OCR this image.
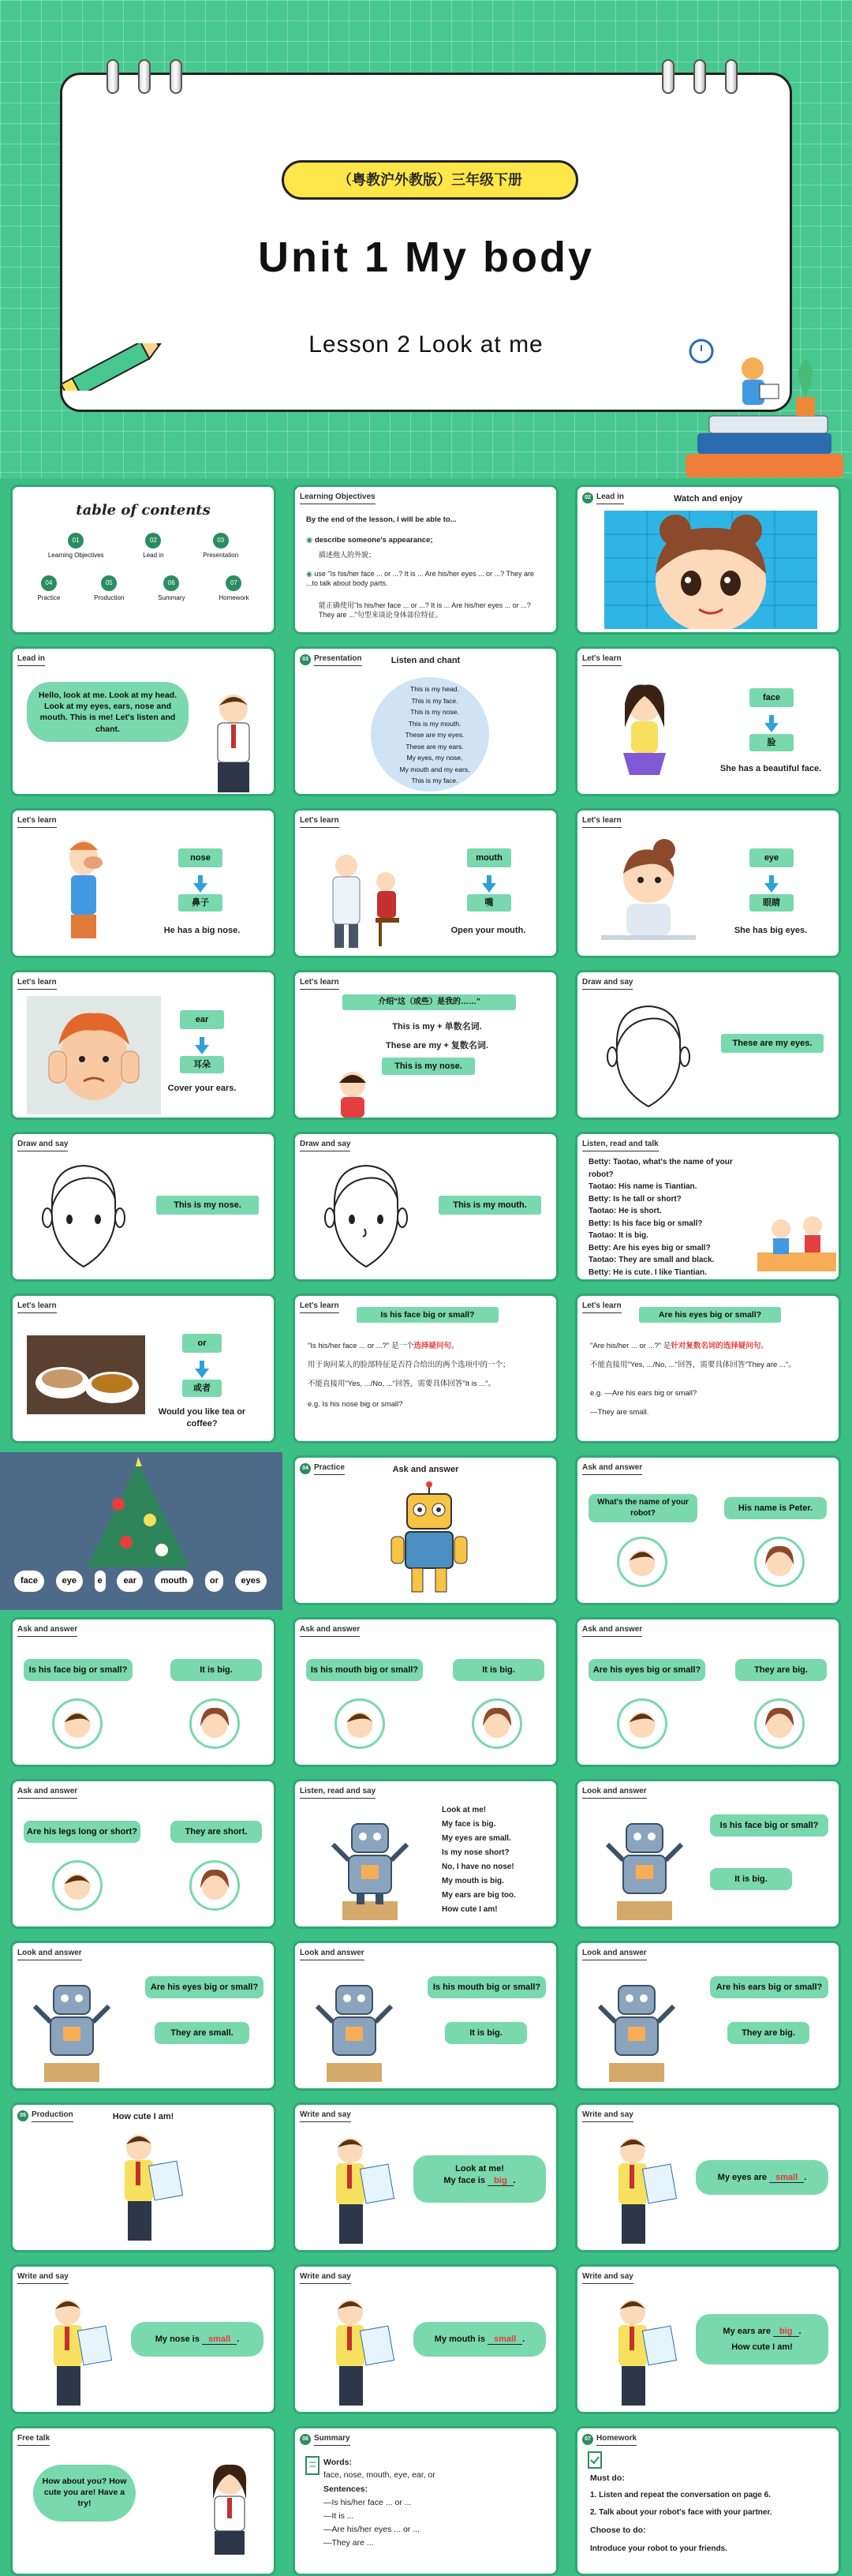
（粤教沪外教版）三年级下册
Unit 1 My body
Lesson 2 Look at me
table of contents
01
Learning Objectives
02
Lead in
03
Presentation
04
Practice
05
Production
06
Summary
07
Homework
Learning Objectives
By the end of the lesson, I will be able to...
◉ describe someone's appearance;
描述他人的外貌；
◉ use "Is his/her face ... or ...? It is ... Are his/her eyes ... or ...? They are ...to talk about body parts.
能正确使用"Is his/her face ... or ...? It is ... Are his/her eyes ... or ...? They are ..."句型来谈论身体部位特征。
02 Lead in	Watch and enjoy
Lead in
Hello, look at me. Look at my head. Look at my eyes, ears, nose and mouth. This is me! Let's listen and chant.
03 Presentation	Listen and chant
This is my head.
This is my face.
This is my nose.
This is my mouth.
These are my eyes.
These are my ears.
My eyes, my nose,
My mouth and my ears,
This is my face.
Let's learn
face
脸
She has a beautiful face.
Let's learn
nose
鼻子
He has a big nose.
Let's learn
mouth
嘴
Open your mouth.
Let's learn
eye
眼睛
She has big eyes.
Let's learn
ear
耳朵
Cover your ears.
Let's learn
介绍"这（或些）是我的……"
This is my + 单数名词.
These are my + 复数名词.
This is my nose.
Draw and say
These are my eyes.
Draw and say
This is my nose.
Draw and say
This is my mouth.
Listen, read and talk
Betty: Taotao, what's the name of your robot?
Taotao: His name is Tiantian.
Betty: Is he tall or short?
Taotao: He is short.
Betty: Is his face big or small?
Taotao: It is big.
Betty: Are his eyes big or small?
Taotao: They are small and black.
Betty: He is cute. I like Tiantian.
Let's learn
or
或者
Would you like tea or coffee?
Let's learn
Is his face big or small?
"Is his/her face ... or ...?" 是一个选择疑问句。
用于询问某人的脸部特征是否符合给出的两个选项中的一个；
不能直接用"Yes, .../No, ..."回答，需要具体回答"It is ..."。
e.g. Is his nose big or small?
Let's learn
Are his eyes big or small?
"Are his/her ... or ...?" 是针对复数名词的选择疑问句。
不能直接用"Yes, .../No, ..."回答，需要具体回答"They are ..."。
e.g. —Are his ears big or small?
—They are small.
face	eye	e	ear	mouth	or	eyes
04 Practice	Ask and answer	Ask and answer
What's the name of your robot?	His name is Peter.
Ask and answer
Is his face big or small?	It is big.
Ask and answer
Is his mouth big or small?	It is big.
Ask and answer
Are his eyes big or small?	They are big.
Ask and answer
Are his legs long or short?	They are short.
Listen, read and say
Look at me!
My face is big.
My eyes are small.
Is my nose short?
No, I have no nose!
My mouth is big.
My ears are big too.
How cute I am!
Look and answer
Is his face big or small?
It is big.
Look and answer
Are his eyes big or small?
They are small.
Look and answer
Is his mouth big or small?
It is big.
Look and answer
Are his ears big or small?
They are big.
05 Production	How cute I am!	Write and say
Look at me!
My face is big .
Write and say
My eyes are small .
Write and say
My nose is small .
Write and say
My mouth is small .
Write and say
My ears are big .
How cute I am!
Free talk
How about you? How cute you are! Have a try!
06 Summary
Words:
face, nose, mouth, eye, ear, or
Sentences:
—Is his/her face ... or ...
—It is ...
—Are his/her eyes ... or ...
—They are ...
07 Homework
Must do:
1. Listen and repeat the conversation on page 6.
2. Talk about your robot's face with your partner.
Choose to do:
Introduce your robot to your friends.
